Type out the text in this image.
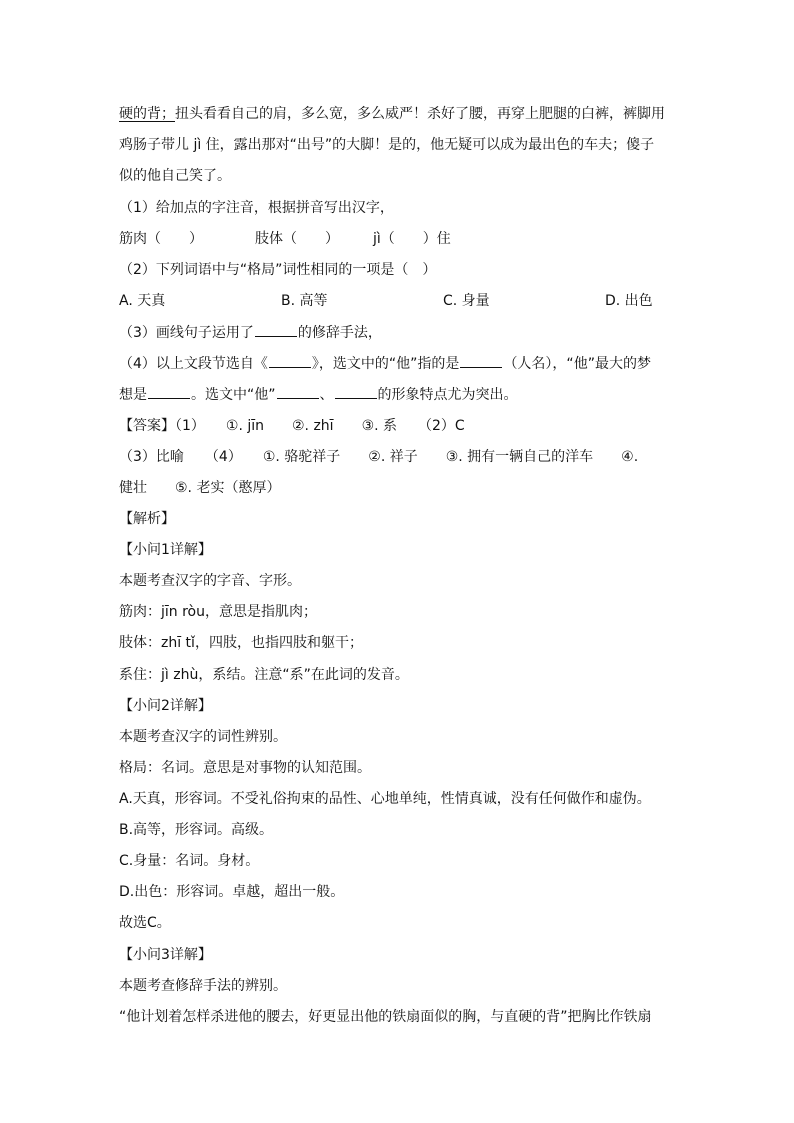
硬的背；扭头看看自己的肩，多么宽，多么威严！杀好了腰，再穿上肥腿的白裤，裤脚用
鸡肠子带儿 jì 住，露出那对“出号”的大脚！是的，他无疑可以成为最出色的车夫；傻子
似的他自己笑了。
（1）给加点的字注音，根据拼音写出汉字，
筋肉（　　）	肢体（　　） jì（　　）住
（2）下列词语中与“格局”词性相同的一项是（　）
A. 天真	B. 高等	C. 身量	D. 出色
（3）画线句子运用了	的修辞手法，
（4）以上文段节选自《	》，选文中的“他”指的是	（人名），“他”最大的梦
想是	。选文中“他”	、	的形象特点尤为突出。
【答案】（1）　　①. jīn　　②. zhī　　③. 系　　（2）C
（3）比喻　　（4）　　①. 骆驼祥子　　②. 祥子　　③. 拥有一辆自己的洋车　　④.
健壮　　⑤. 老实（憨厚）
【解析】
【小问1详解】
本题考查汉字的字音、字形。
筋肉：jīn ròu，意思是指肌肉；
肢体：zhī tǐ，四肢，也指四肢和躯干；
系住：jì zhù，系结。注意“系”在此词的发音。
【小问2详解】
本题考查汉字的词性辨别。
格局：名词。意思是对事物的认知范围。
A.天真，形容词。不受礼俗拘束的品性、心地单纯，性情真诚，没有任何做作和虚伪。
B.高等，形容词。高级。
C.身量：名词。身材。
D.出色：形容词。卓越，超出一般。
故选C。
【小问3详解】
本题考查修辞手法的辨别。
“他计划着怎样杀进他的腰去，好更显出他的铁扇面似的胸，与直硬的背”把胸比作铁扇
